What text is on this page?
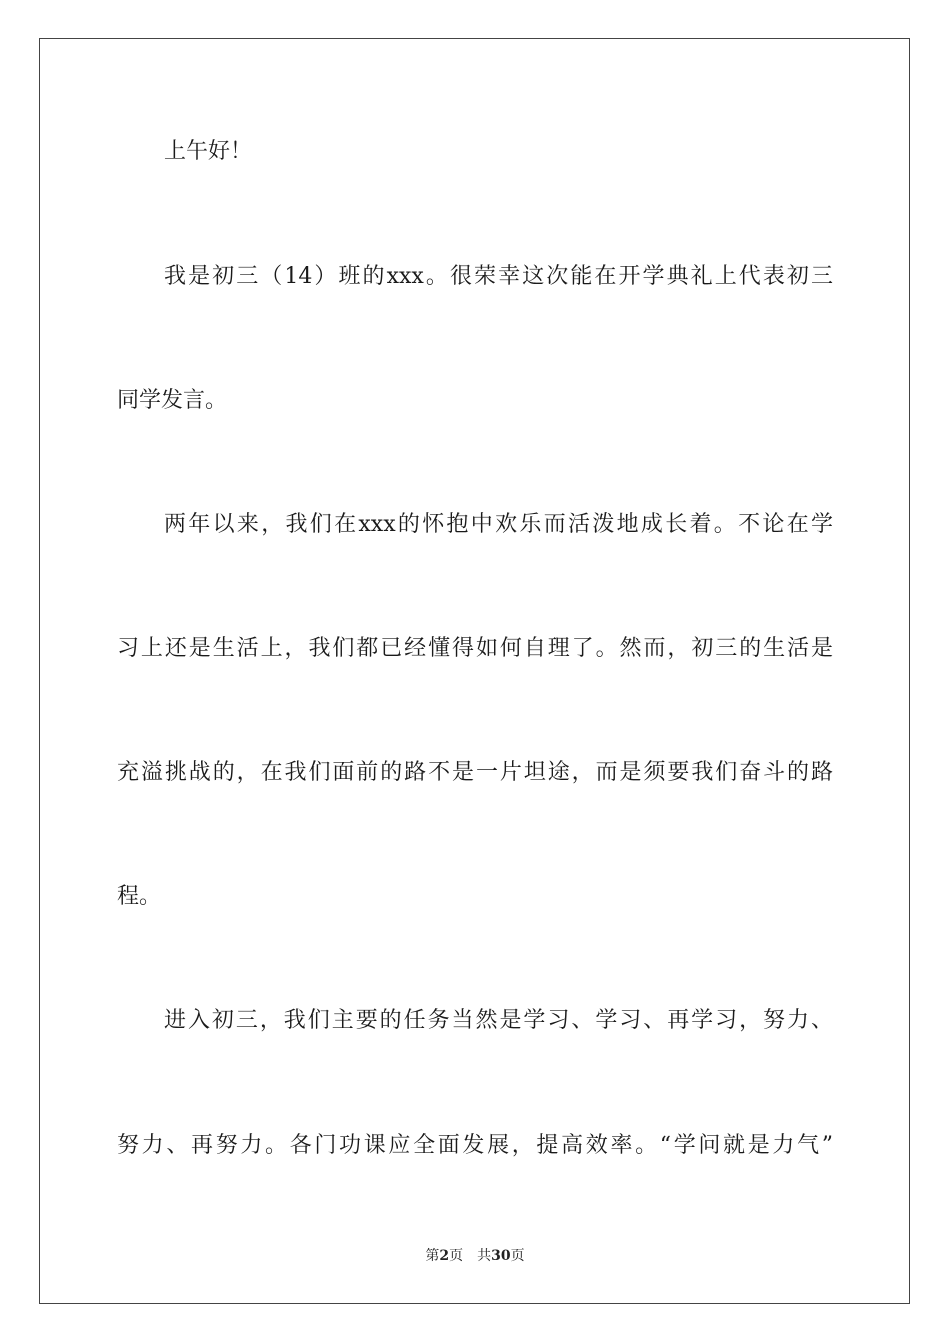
上午好！

我是初三（14）班的xxx。很荣幸这次能在开学典礼上代表初三

同学发言。

两年以来，我们在xxx的怀抱中欢乐而活泼地成长着。不论在学

习上还是生活上，我们都已经懂得如何自理了。然而，初三的生活是

充溢挑战的，在我们面前的路不是一片坦途，而是须要我们奋斗的路

程。

进入初三，我们主要的任务当然是学习、学习、再学习，努力、

努力、再努力。各门功课应全面发展，提高效率。“学问就是力气”

第2页 共30页
